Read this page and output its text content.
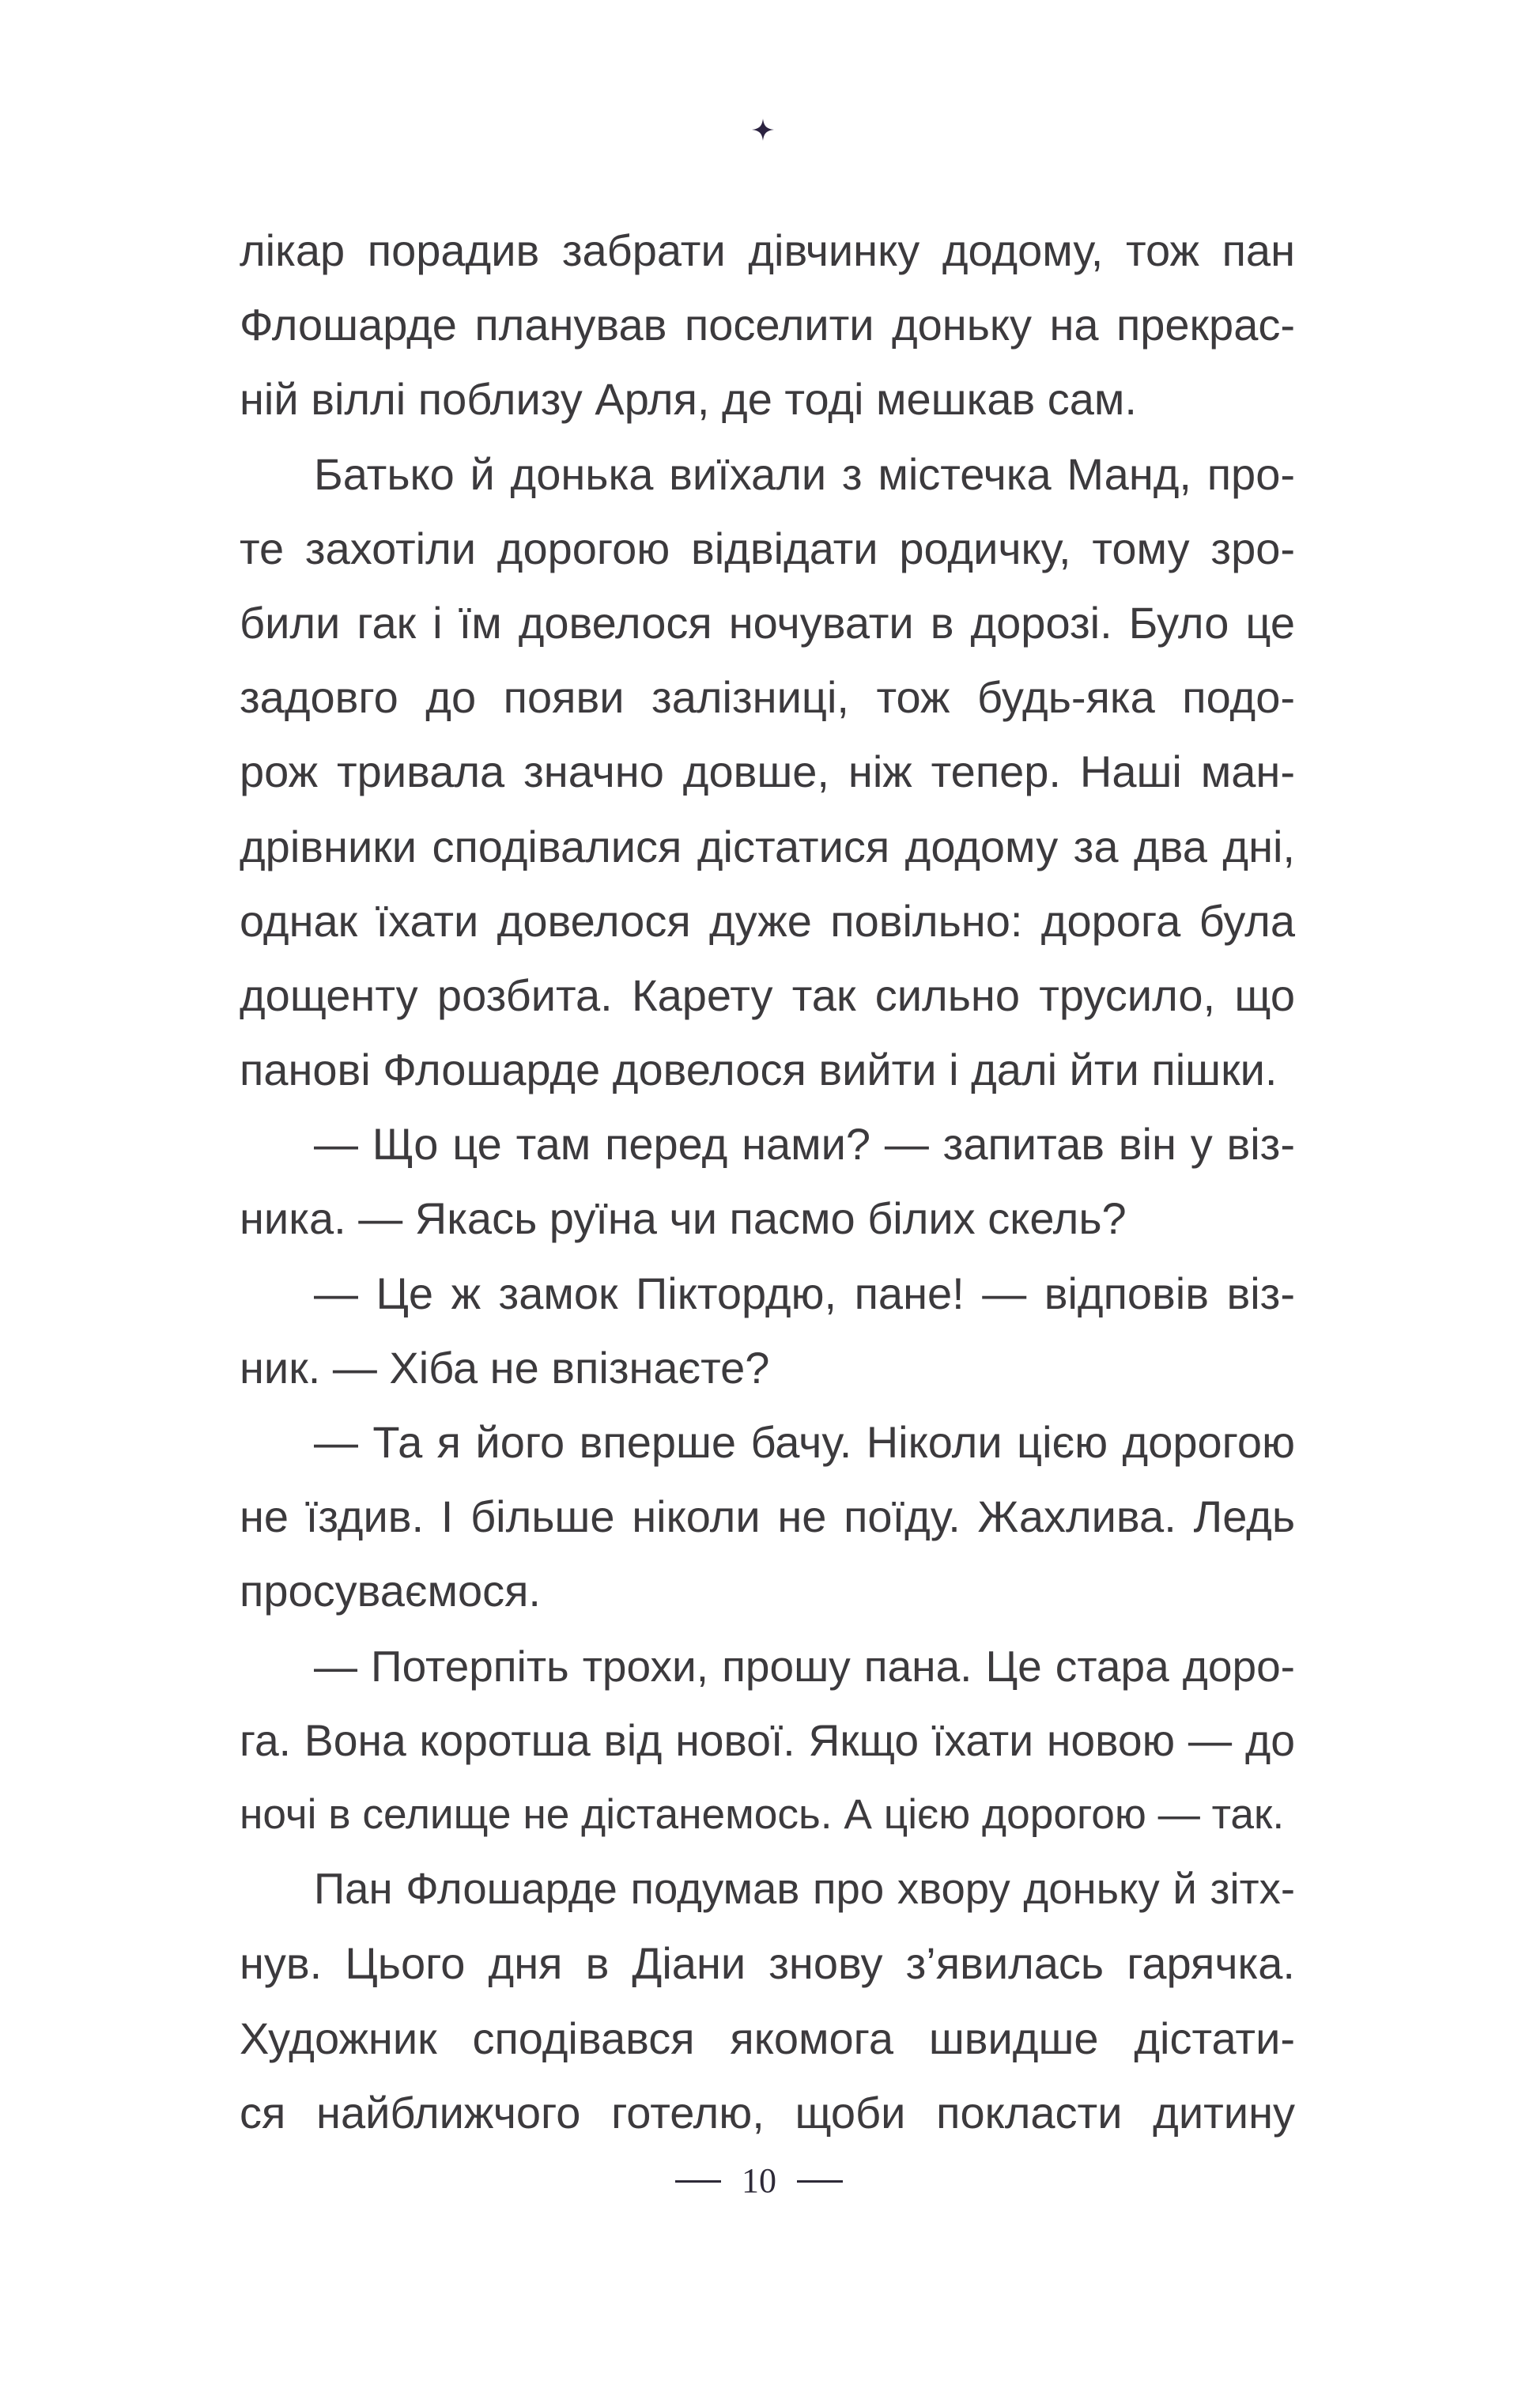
лікар порадив забрати дівчинку додому, тож пан
Флошарде планував поселити доньку на прекрас-
ній віллі поблизу Арля, де тоді мешкав сам.
Батько й донька виїхали з містечка Манд, про-
те захотіли дорогою відвідати родичку, тому зро-
били гак і їм довелося ночувати в дорозі. Було це
задовго до появи залізниці, тож будь-яка подо-
рож тривала значно довше, ніж тепер. Наші ман-
дрівники сподівалися дістатися додому за два дні,
однак їхати довелося дуже повільно: дорога була
дощенту розбита. Карету так сильно трусило, що
панові Флошарде довелося вийти і далі йти пішки.
— Що це там перед нами? — запитав він у віз-
ника. — Якась руїна чи пасмо білих скель?
— Це ж замок Піктордю, пане! — відповів віз-
ник. — Хіба не впізнаєте?
— Та я його вперше бачу. Ніколи цією дорогою
не їздив. І більше ніколи не поїду. Жахлива. Ледь
просуваємося.
— Потерпіть трохи, прошу пана. Це стара доро-
га. Вона коротша від нової. Якщо їхати новою — до
ночі в селище не дістанемось. А цією дорогою — так.
Пан Флошарде подумав про хвору доньку й зітх-
нув. Цього дня в Діани знову з’явилась гарячка.
Художник сподівався якомога швидше дістати-
ся найближчого готелю, щоби покласти дитину
10
